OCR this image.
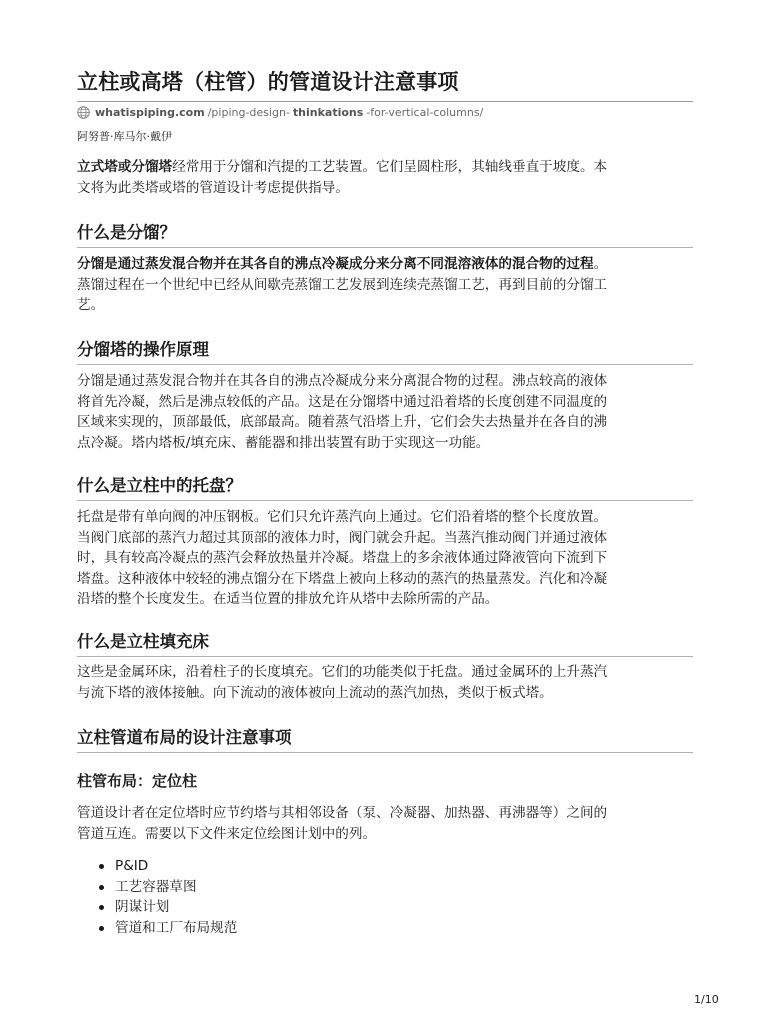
立柱或高塔（柱管）的管道设计注意事项
whatispiping.com /piping-design- thinkations -for-vertical-columns/
阿努普·库马尔·戴伊
立式塔或分馏塔经常用于分馏和汽提的工艺装置。它们呈圆柱形，其轴线垂直于坡度。本
文将为此类塔或塔的管道设计考虑提供指导。
什么是分馏？
分馏是通过蒸发混合物并在其各自的沸点冷凝成分来分离不同混溶液体的混合物的过程。
蒸馏过程在一个世纪中已经从间歇壳蒸馏工艺发展到连续壳蒸馏工艺，再到目前的分馏工
艺。
分馏塔的操作原理
分馏是通过蒸发混合物并在其各自的沸点冷凝成分来分离混合物的过程。沸点较高的液体
将首先冷凝，然后是沸点较低的产品。这是在分馏塔中通过沿着塔的长度创建不同温度的
区域来实现的，顶部最低，底部最高。随着蒸气沿塔上升，它们会失去热量并在各自的沸
点冷凝。塔内塔板/填充床、蓄能器和排出装置有助于实现这一功能。
什么是立柱中的托盘？
托盘是带有单向阀的冲压钢板。它们只允许蒸汽向上通过。它们沿着塔的整个长度放置。
当阀门底部的蒸汽力超过其顶部的液体力时，阀门就会升起。当蒸汽推动阀门并通过液体
时，具有较高冷凝点的蒸汽会释放热量并冷凝。塔盘上的多余液体通过降液管向下流到下
塔盘。这种液体中较轻的沸点馏分在下塔盘上被向上移动的蒸汽的热量蒸发。汽化和冷凝
沿塔的整个长度发生。在适当位置的排放允许从塔中去除所需的产品。
什么是立柱填充床
这些是金属环床，沿着柱子的长度填充。它们的功能类似于托盘。通过金属环的上升蒸汽
与流下塔的液体接触。向下流动的液体被向上流动的蒸汽加热，类似于板式塔。
立柱管道布局的设计注意事项
柱管布局：定位柱
管道设计者在定位塔时应节约塔与其相邻设备（泵、冷凝器、加热器、再沸器等）之间的
管道互连。需要以下文件来定位绘图计划中的列。
P&ID
工艺容器草图
阴谋计划
管道和工厂布局规范
1/10
